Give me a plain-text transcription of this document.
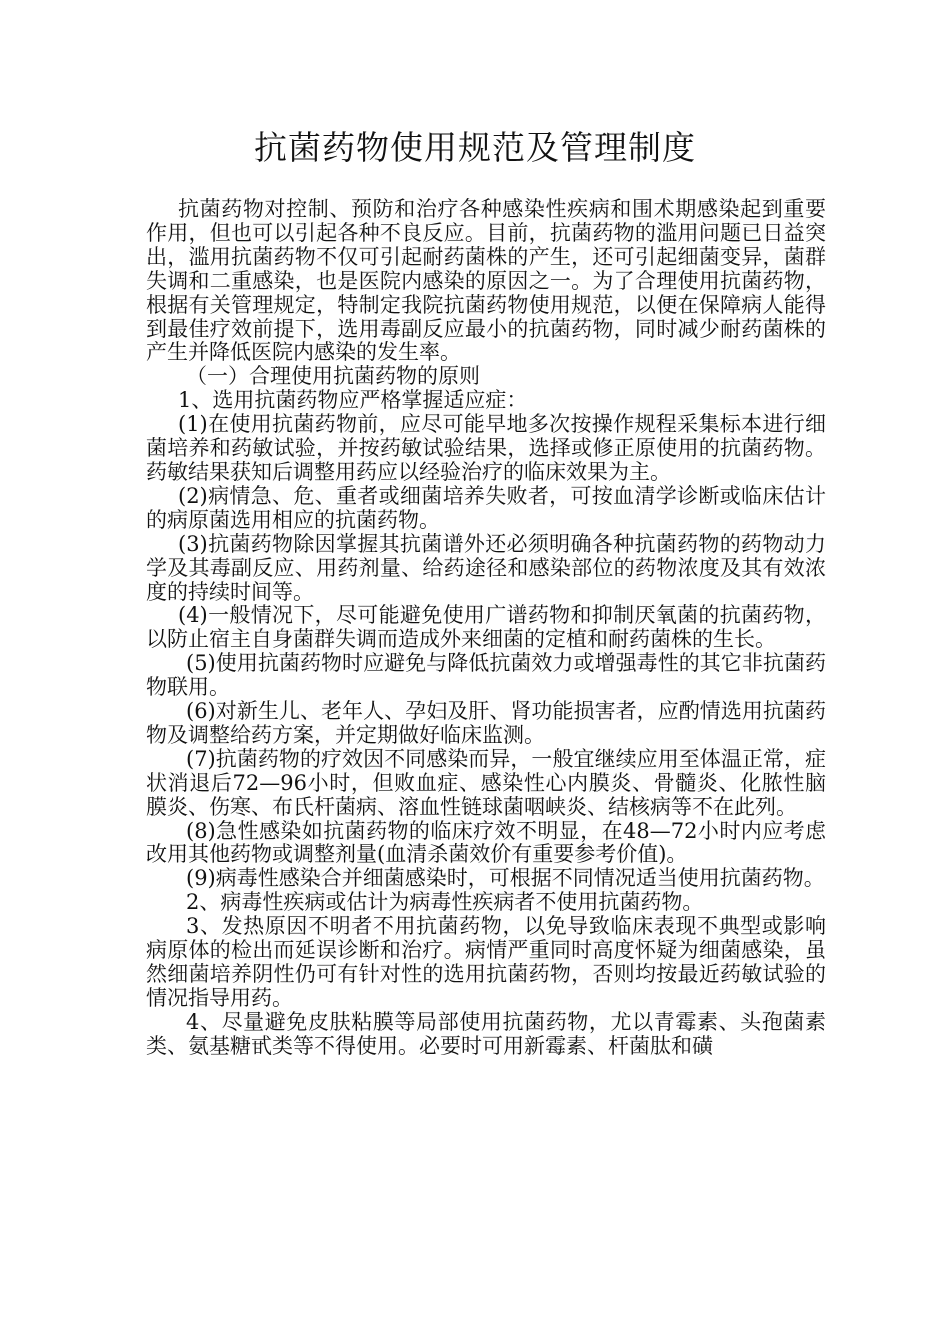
抗菌药物使用规范及管理制度

抗菌药物对控制、预防和治疗各种感染性疾病和围术期感染起到重要作用，但也可以引起各种不良反应。目前，抗菌药物的滥用问题已日益突出，滥用抗菌药物不仅可引起耐药菌株的产生，还可引起细菌变异，菌群失调和二重感染，也是医院内感染的原因之一。为了合理使用抗菌药物，根据有关管理规定，特制定我院抗菌药物使用规范，以便在保障病人能得到最佳疗效前提下，选用毒副反应最小的抗菌药物，同时减少耐药菌株的产生并降低医院内感染的发生率。

（一）合理使用抗菌药物的原则

1、选用抗菌药物应严格掌握适应症：

(1)在使用抗菌药物前，应尽可能早地多次按操作规程采集标本进行细菌培养和药敏试验，并按药敏试验结果，选择或修正原使用的抗菌药物。药敏结果获知后调整用药应以经验治疗的临床效果为主。

(2)病情急、危、重者或细菌培养失败者，可按血清学诊断或临床估计的病原菌选用相应的抗菌药物。

(3)抗菌药物除因掌握其抗菌谱外还必须明确各种抗菌药物的药物动力学及其毒副反应、用药剂量、给药途径和感染部位的药物浓度及其有效浓度的持续时间等。

(4)一般情况下，尽可能避免使用广谱药物和抑制厌氧菌的抗菌药物，以防止宿主自身菌群失调而造成外来细菌的定植和耐药菌株的生长。

(5)使用抗菌药物时应避免与降低抗菌效力或增强毒性的其它非抗菌药物联用。

(6)对新生儿、老年人、孕妇及肝、肾功能损害者，应酌情选用抗菌药物及调整给药方案，并定期做好临床监测。

(7)抗菌药物的疗效因不同感染而异，一般宜继续应用至体温正常，症状消退后72—96小时，但败血症、感染性心内膜炎、骨髓炎、化脓性脑膜炎、伤寒、布氏杆菌病、溶血性链球菌咽峡炎、结核病等不在此列。

(8)急性感染如抗菌药物的临床疗效不明显，在48—72小时内应考虑改用其他药物或调整剂量(血清杀菌效价有重要参考价值)。

(9)病毒性感染合并细菌感染时，可根据不同情况适当使用抗菌药物。

2、病毒性疾病或估计为病毒性疾病者不使用抗菌药物。

3、发热原因不明者不用抗菌药物，以免导致临床表现不典型或影响病原体的检出而延误诊断和治疗。病情严重同时高度怀疑为细菌感染，虽然细菌培养阴性仍可有针对性的选用抗菌药物，否则均按最近药敏试验的情况指导用药。

4、尽量避免皮肤粘膜等局部使用抗菌药物，尤以青霉素、头孢菌素类、氨基糖甙类等不得使用。必要时可用新霉素、杆菌肽和磺
